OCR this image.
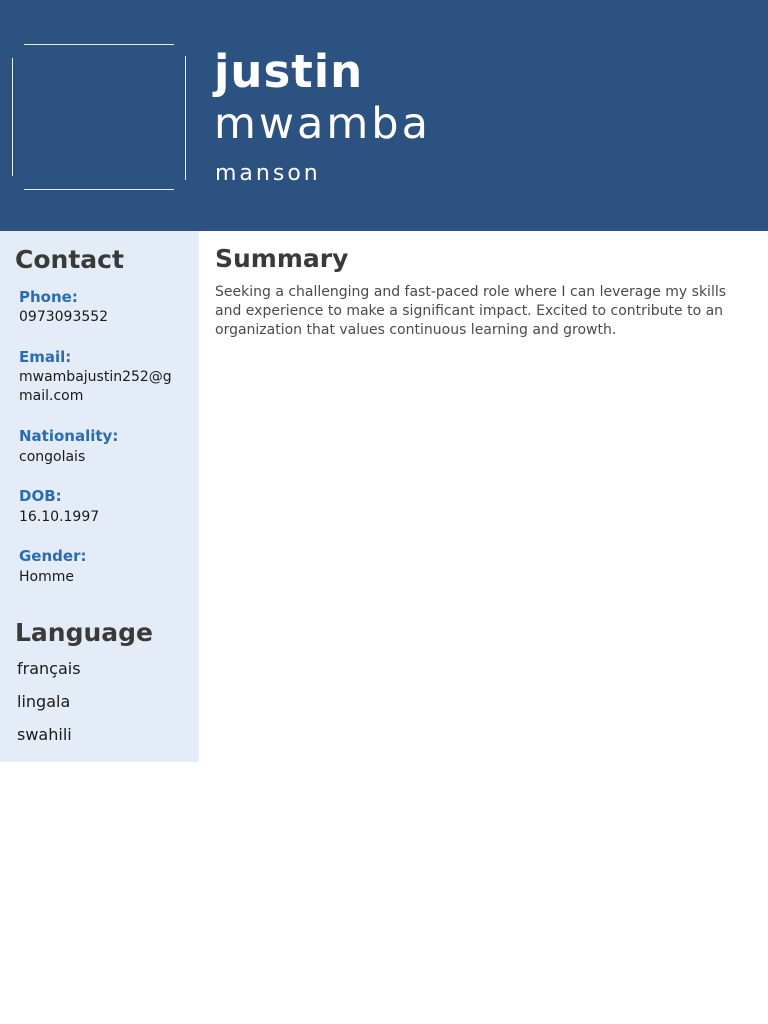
justin
mwamba
manson
Contact
Phone:
0973093552
Email:
mwambajustin252@gmail.com
Nationality:
congolais
DOB:
16.10.1997
Gender:
Homme
Language
français
lingala
swahili
Summary

Seeking a challenging and fast-paced role where I can leverage my skills and experience to make a significant impact. Excited to contribute to an organization that values continuous learning and growth.
